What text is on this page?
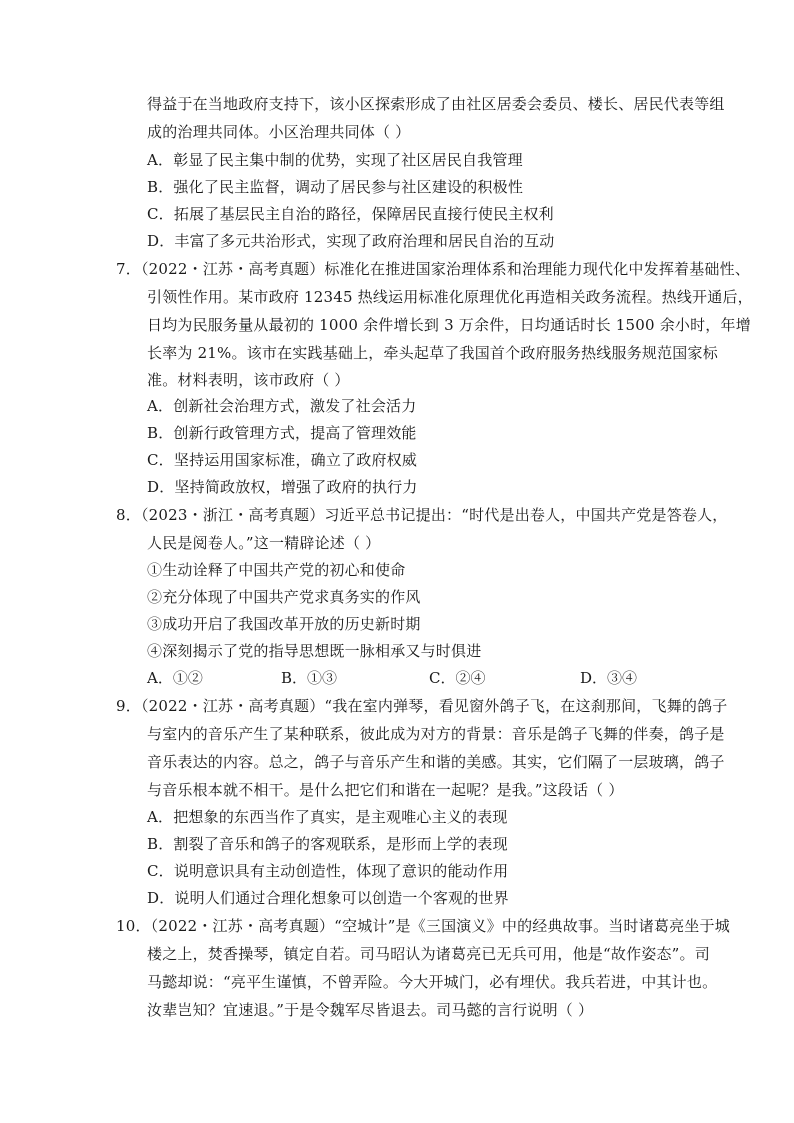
得益于在当地政府支持下，该小区探索形成了由社区居委会委员、楼长、居民代表等组
成的治理共同体。小区治理共同体（ ）
A．彰显了民主集中制的优势，实现了社区居民自我管理
B．强化了民主监督，调动了居民参与社区建设的积极性
C．拓展了基层民主自治的路径，保障居民直接行使民主权利
D．丰富了多元共治形式，实现了政府治理和居民自治的互动
7．（2022・江苏・高考真题）标准化在推进国家治理体系和治理能力现代化中发挥着基础性、
引领性作用。某市政府 12345 热线运用标准化原理优化再造相关政务流程。热线开通后，
日均为民服务量从最初的 1000 余件增长到 3 万余件，日均通话时长 1500 余小时，年增
长率为 21%。该市在实践基础上，牵头起草了我国首个政府服务热线服务规范国家标
准。材料表明，该市政府（ ）
A．创新社会治理方式，激发了社会活力
B．创新行政管理方式，提高了管理效能
C．坚持运用国家标准，确立了政府权威
D．坚持简政放权，增强了政府的执行力
8．（2023・浙江・高考真题）习近平总书记提出：“时代是出卷人，中国共产党是答卷人，
人民是阅卷人。”这一精辟论述（ ）
①生动诠释了中国共产党的初心和使命
②充分体现了中国共产党求真务实的作风
③成功开启了我国改革开放的历史新时期
④深刻揭示了党的指导思想既一脉相承又与时俱进
A．①②	B．①③	C．②④	D．③④
9．（2022・江苏・高考真题）“我在室内弹琴，看见窗外鸽子飞，在这刹那间，飞舞的鸽子
与室内的音乐产生了某种联系，彼此成为对方的背景：音乐是鸽子飞舞的伴奏，鸽子是
音乐表达的内容。总之，鸽子与音乐产生和谐的美感。其实，它们隔了一层玻璃，鸽子
与音乐根本就不相干。是什么把它们和谐在一起呢？是我。”这段话（ ）
A．把想象的东西当作了真实，是主观唯心主义的表现
B．割裂了音乐和鸽子的客观联系，是形而上学的表现
C．说明意识具有主动创造性，体现了意识的能动作用
D．说明人们通过合理化想象可以创造一个客观的世界
10．（2022・江苏・高考真题）“空城计”是《三国演义》中的经典故事。当时诸葛亮坐于城
楼之上，焚香操琴，镇定自若。司马昭认为诸葛亮已无兵可用，他是“故作姿态”。司
马懿却说：“亮平生谨慎，不曾弄险。今大开城门，必有埋伏。我兵若进，中其计也。
汝辈岂知？宜速退。”于是令魏军尽皆退去。司马懿的言行说明（ ）
